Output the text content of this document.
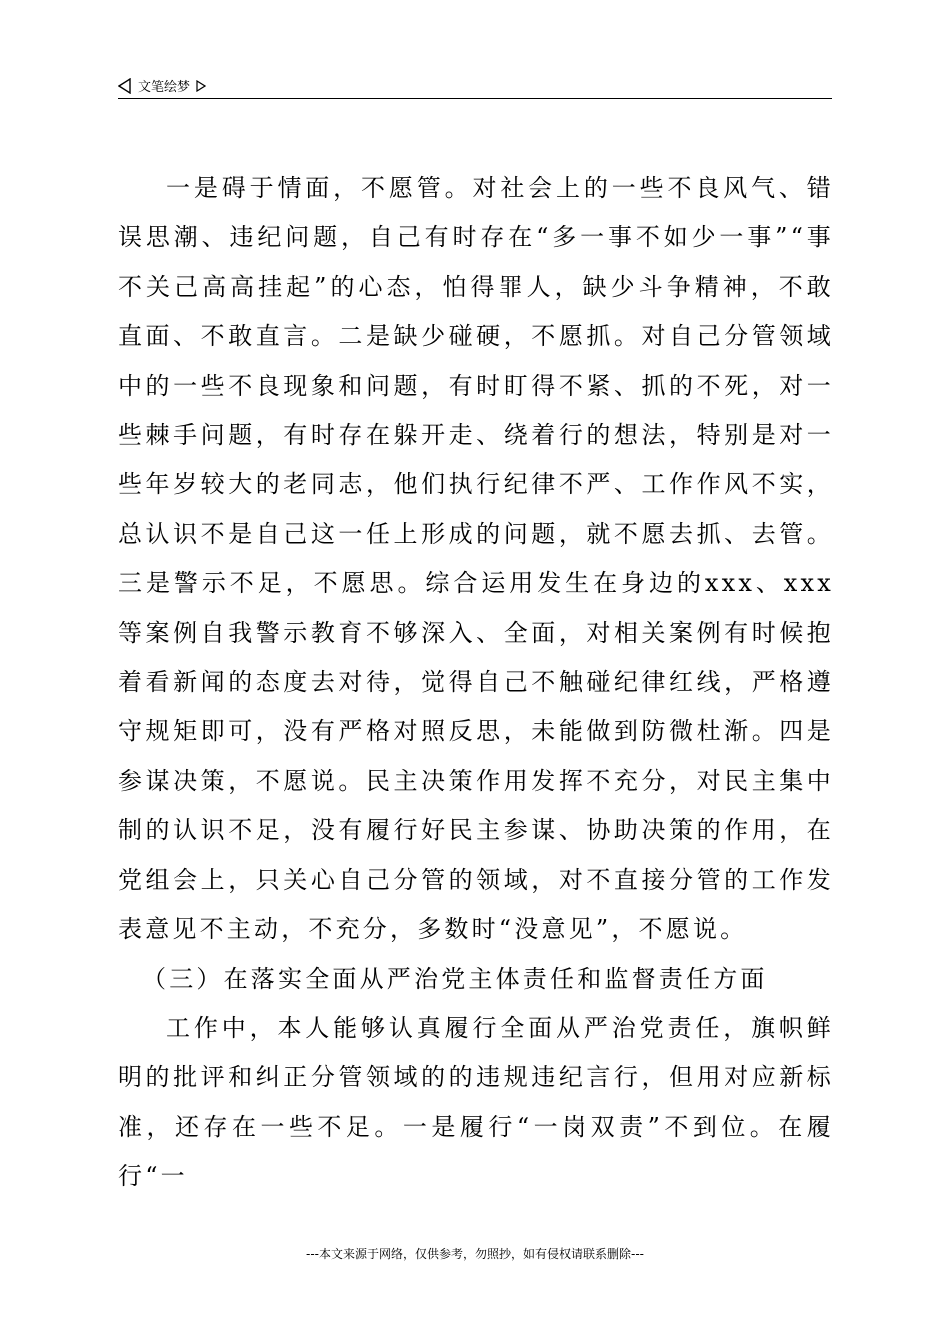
文笔绘梦

一是碍于情面，不愿管。对社会上的一些不良风气、错误思潮、违纪问题，自己有时存在“多一事不如少一事”“事不关己高高挂起”的心态，怕得罪人，缺少斗争精神，不敢直面、不敢直言。二是缺少碰硬，不愿抓。对自己分管领域中的一些不良现象和问题，有时盯得不紧、抓的不死，对一些棘手问题，有时存在躲开走、绕着行的想法，特别是对一些年岁较大的老同志，他们执行纪律不严、工作作风不实，总认识不是自己这一任上形成的问题，就不愿去抓、去管。三是警示不足，不愿思。综合运用发生在身边的xxx、xxx等案例自我警示教育不够深入、全面，对相关案例有时候抱着看新闻的态度去对待，觉得自己不触碰纪律红线，严格遵守规矩即可，没有严格对照反思，未能做到防微杜渐。四是参谋决策，不愿说。民主决策作用发挥不充分，对民主集中制的认识不足，没有履行好民主参谋、协助决策的作用，在党组会上，只关心自己分管的领域，对不直接分管的工作发表意见不主动，不充分，多数时“没意见”，不愿说。

（三）在落实全面从严治党主体责任和监督责任方面

工作中，本人能够认真履行全面从严治党责任，旗帜鲜明的批评和纠正分管领域的的违规违纪言行，但用对应新标准，还存在一些不足。一是履行“一岗双责”不到位。在履行“一

---本文来源于网络，仅供参考，勿照抄，如有侵权请联系删除---
